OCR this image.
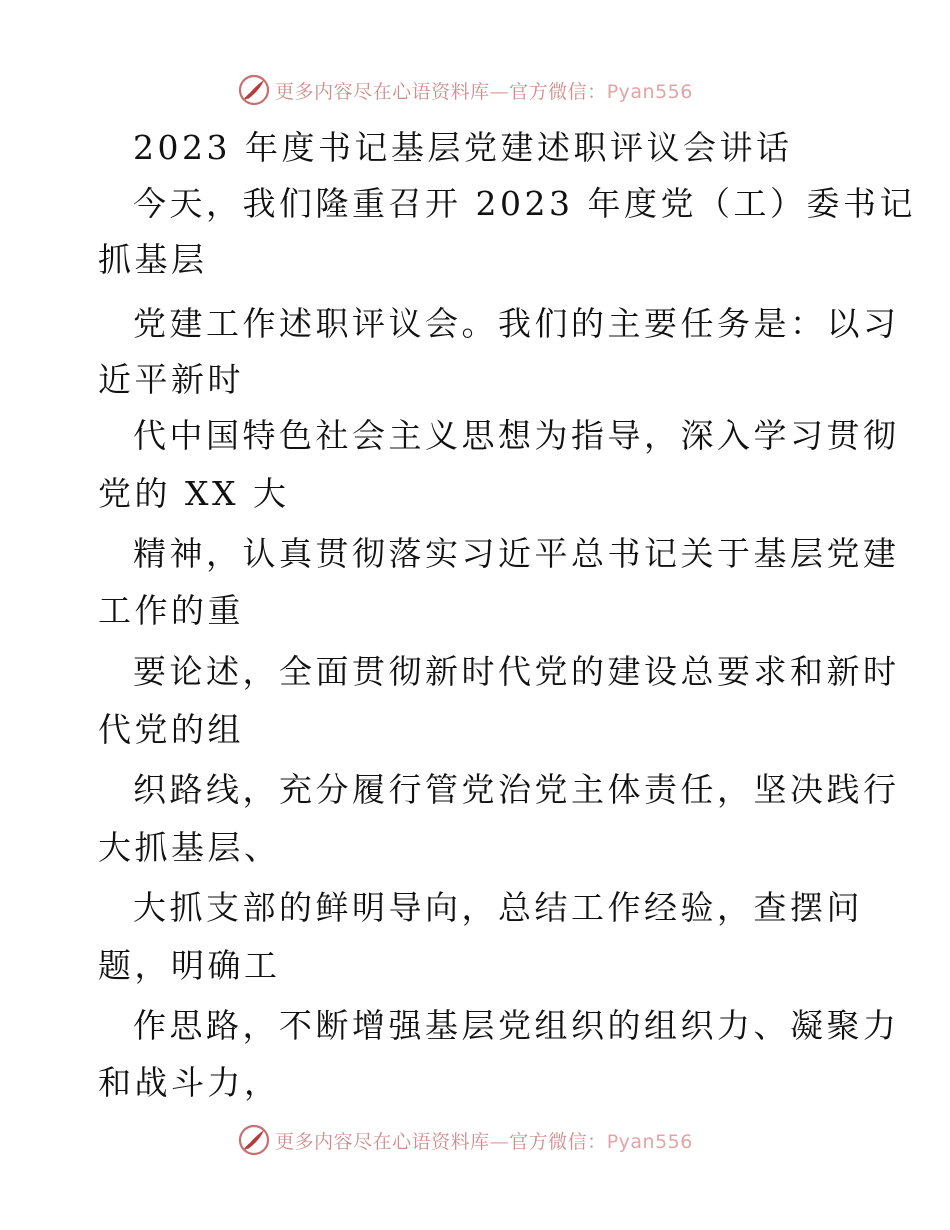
更多内容尽在心语资料库—官方微信：Pyan556
2023 年度书记基层党建述职评议会讲话
今天，我们隆重召开 2023 年度党（工）委书记
抓基层
党建工作述职评议会。我们的主要任务是：以习
近平新时
代中国特色社会主义思想为指导，深入学习贯彻
党的 XX 大
精神，认真贯彻落实习近平总书记关于基层党建
工作的重
要论述，全面贯彻新时代党的建设总要求和新时
代党的组
织路线，充分履行管党治党主体责任，坚决践行
大抓基层、
大抓支部的鲜明导向，总结工作经验，查摆问
题，明确工
作思路，不断增强基层党组织的组织力、凝聚力
和战斗力，
更多内容尽在心语资料库—官方微信：Pyan556
